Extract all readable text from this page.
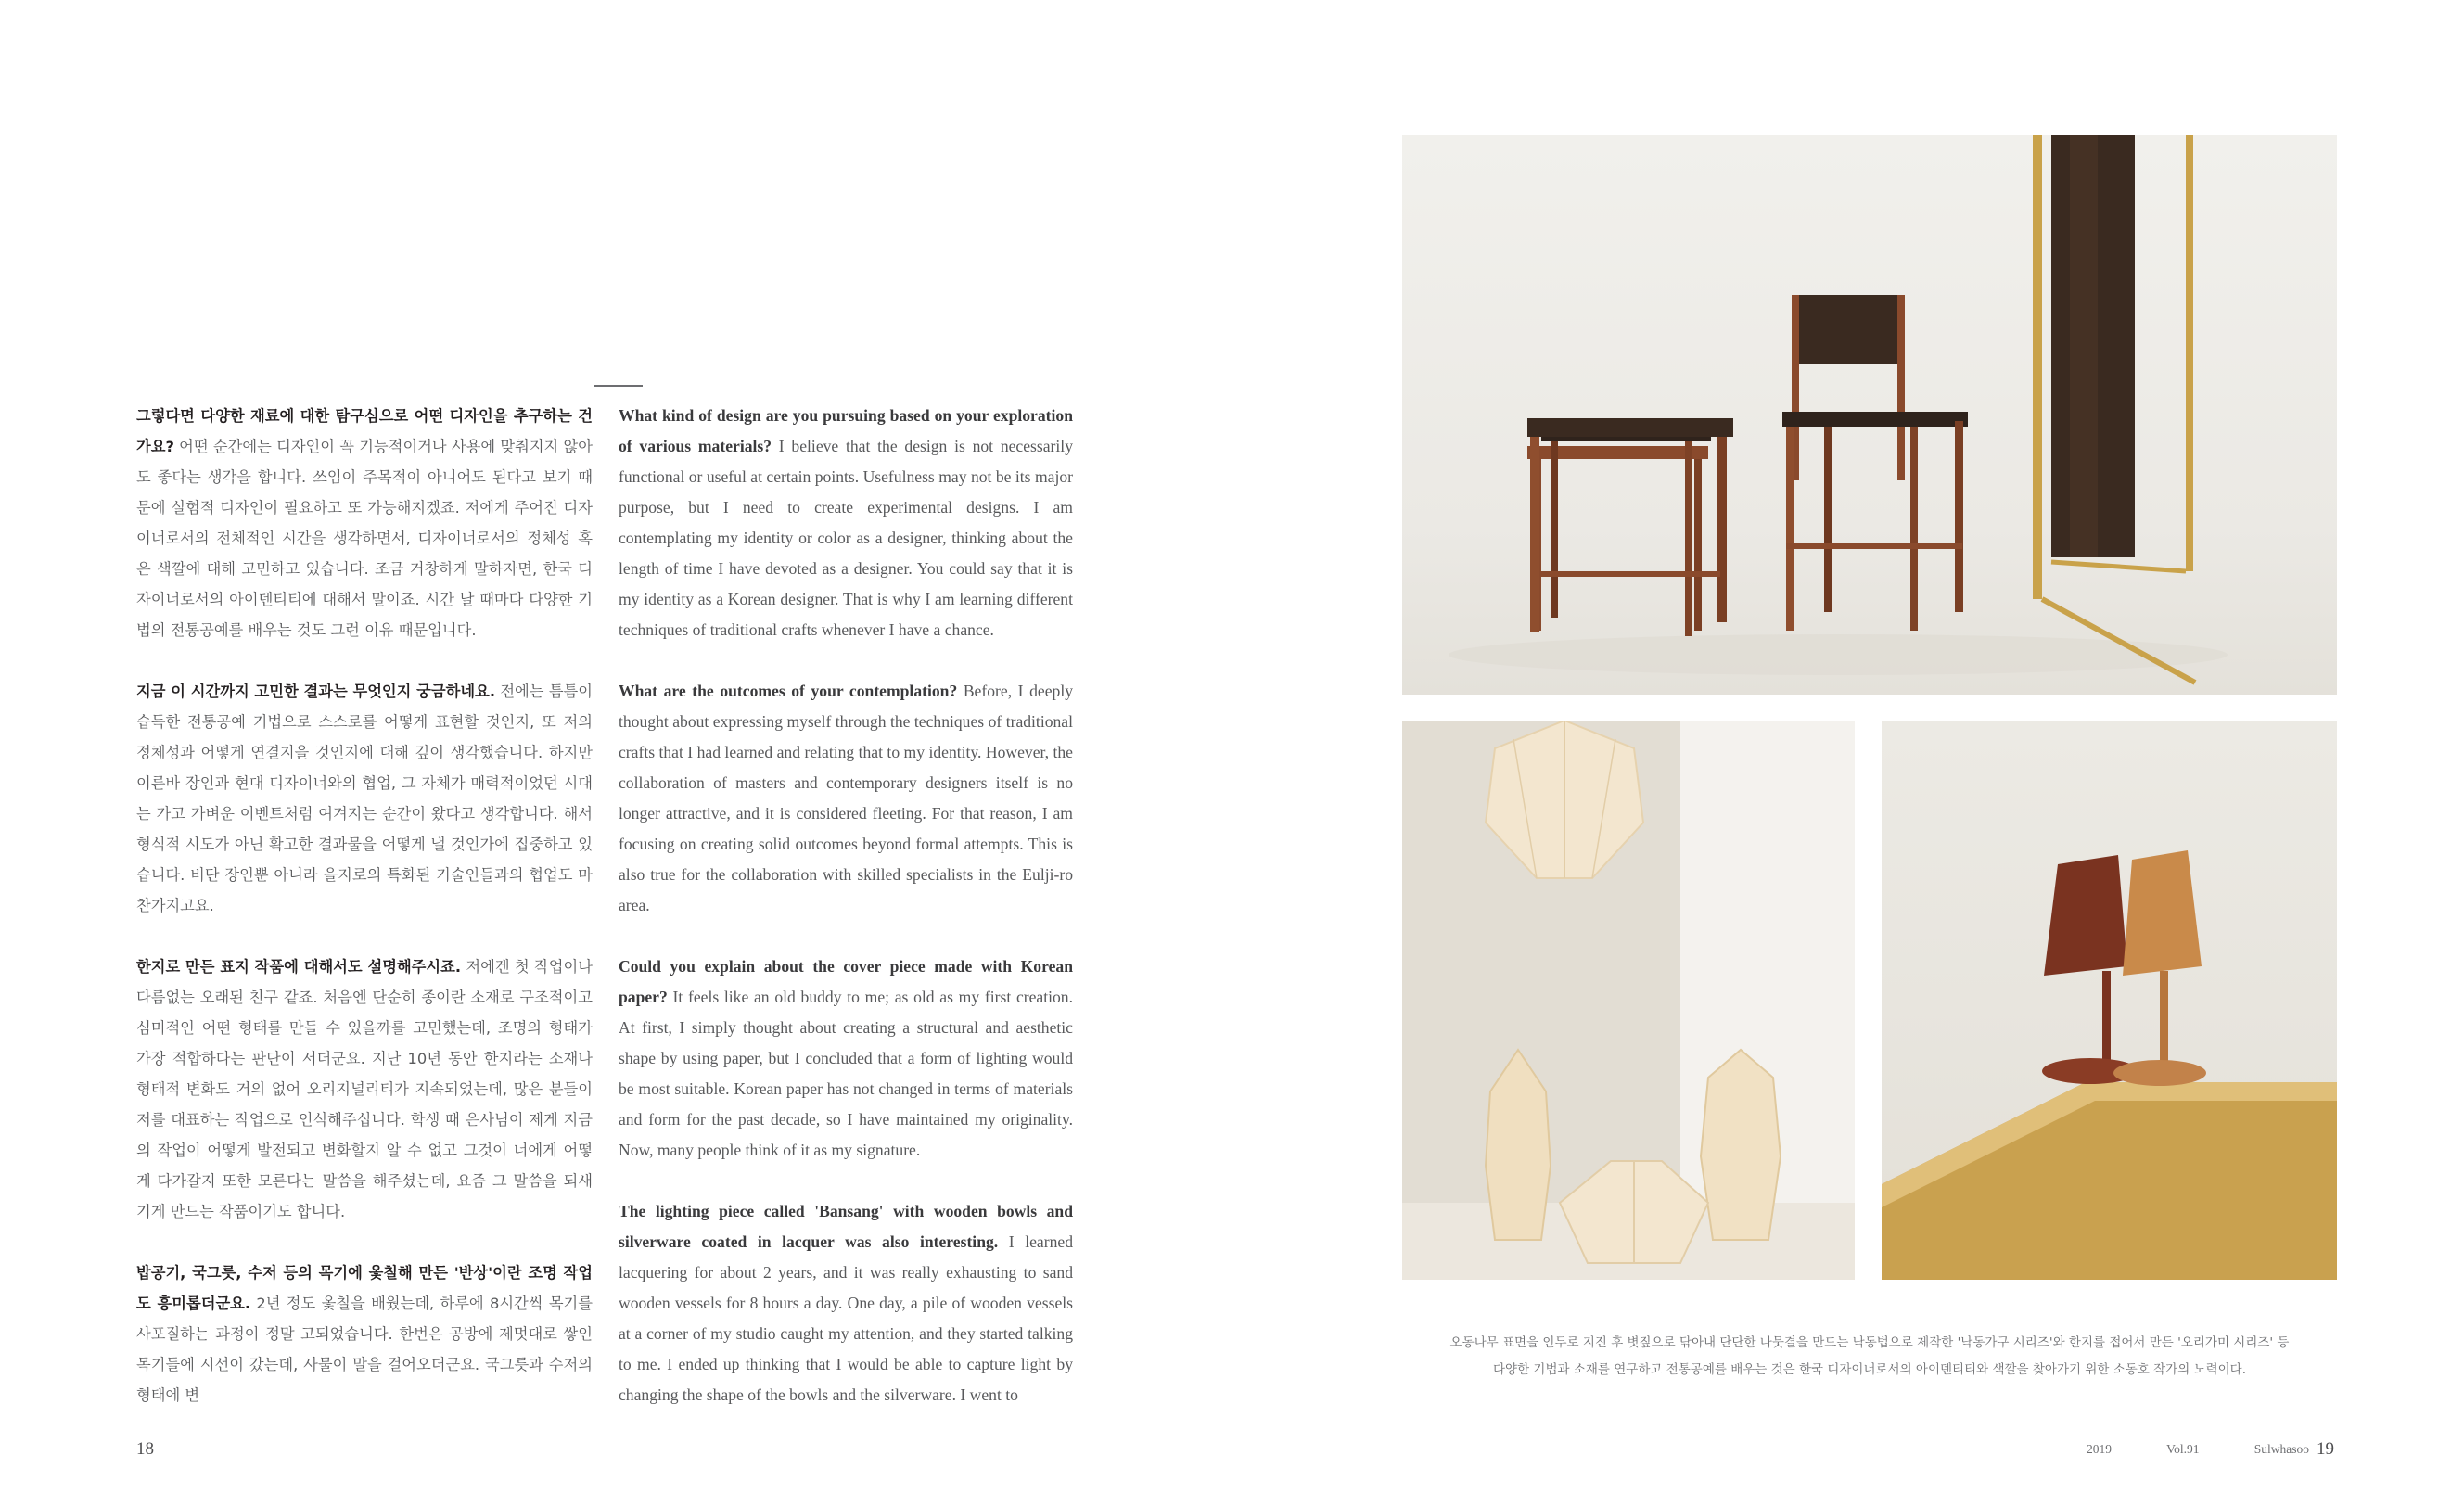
그렇다면 다양한 재료에 대한 탐구심으로 어떤 디자인을 추구하는 건가요? 어떤 순간에는 디자인이 꼭 기능적이거나 사용에 맞춰지지 않아도 좋다는 생각을 합니다. 쓰임이 주목적이 아니어도 된다고 보기 때문에 실험적 디자인이 필요하고 또 가능해지겠죠. 저에게 주어진 디자이너로서의 전체적인 시간을 생각하면서, 디자이너로서의 정체성 혹은 색깔에 대해 고민하고 있습니다. 조금 거창하게 말하자면, 한국 디자이너로서의 아이덴티티에 대해서 말이죠. 시간 날 때마다 다양한 기법의 전통공예를 배우는 것도 그런 이유 때문입니다.

지금 이 시간까지 고민한 결과는 무엇인지 궁금하네요. 전에는 틈틈이 습득한 전통공예 기법으로 스스로를 어떻게 표현할 것인지, 또 저의 정체성과 어떻게 연결지을 것인지에 대해 깊이 생각했습니다. 하지만 이른바 장인과 현대 디자이너와의 협업, 그 자체가 매력적이었던 시대는 가고 가벼운 이벤트처럼 여겨지는 순간이 왔다고 생각합니다. 해서 형식적 시도가 아닌 확고한 결과물을 어떻게 낼 것인가에 집중하고 있습니다. 비단 장인뿐 아니라 을지로의 특화된 기술인들과의 협업도 마찬가지고요.

한지로 만든 표지 작품에 대해서도 설명해주시죠. 저에겐 첫 작업이나 다름없는 오래된 친구 같죠. 처음엔 단순히 종이란 소재로 구조적이고 심미적인 어떤 형태를 만들 수 있을까를 고민했는데, 조명의 형태가 가장 적합하다는 판단이 서더군요. 지난 10년 동안 한지라는 소재나 형태적 변화도 거의 없어 오리지널리티가 지속되었는데, 많은 분들이 저를 대표하는 작업으로 인식해주십니다. 학생 때 은사님이 제게 지금의 작업이 어떻게 발전되고 변화할지 알 수 없고 그것이 너에게 어떻게 다가갈지 또한 모른다는 말씀을 해주셨는데, 요즘 그 말씀을 되새기게 만드는 작품이기도 합니다.

밥공기, 국그릇, 수저 등의 목기에 옻칠해 만든 '반상'이란 조명 작업도 흥미롭더군요. 2년 정도 옻칠을 배웠는데, 하루에 8시간씩 목기를 사포질하는 과정이 정말 고되었습니다. 한번은 공방에 제멋대로 쌓인 목기들에 시선이 갔는데, 사물이 말을 걸어오더군요. 국그릇과 수저의 형태에 변

What kind of design are you pursuing based on your exploration of various materials? I believe that the design is not necessarily functional or useful at certain points. Usefulness may not be its major purpose, but I need to create experimental designs. I am contemplating my identity or color as a designer, thinking about the length of time I have devoted as a designer. You could say that it is my identity as a Korean designer. That is why I am learning different techniques of traditional crafts whenever I have a chance.

What are the outcomes of your contemplation? Before, I deeply thought about expressing myself through the techniques of traditional crafts that I had learned and relating that to my identity. However, the collaboration of masters and contemporary designers itself is no longer attractive, and it is considered fleeting. For that reason, I am focusing on creating solid outcomes beyond formal attempts. This is also true for the collaboration with skilled specialists in the Eulji-ro area.

Could you explain about the cover piece made with Korean paper? It feels like an old buddy to me; as old as my first creation. At first, I simply thought about creating a structural and aesthetic shape by using paper, but I concluded that a form of lighting would be most suitable. Korean paper has not changed in terms of materials and form for the past decade, so I have maintained my originality. Now, many people think of it as my signature.

The lighting piece called 'Bansang' with wooden bowls and silverware coated in lacquer was also interesting. I learned lacquering for about 2 years, and it was really exhausting to sand wooden vessels for 8 hours a day. One day, a pile of wooden vessels at a corner of my studio caught my attention, and they started talking to me. I ended up thinking that I would be able to capture light by changing the shape of the bowls and the silverware. I went to

오동나무 표면을 인두로 지진 후 볏짚으로 닦아내 단단한 나뭇결을 만드는 낙동법으로 제작한 '낙동가구 시리즈'와 한지를 접어서 만든 '오리가미 시리즈' 등
다양한 기법과 소재를 연구하고 전통공예를 배우는 것은 한국 디자이너로서의 아이덴티티와 색깔을 찾아가기 위한 소동호 작가의 노력이다.
18	2019	Vol.91	Sulwhasoo 19
